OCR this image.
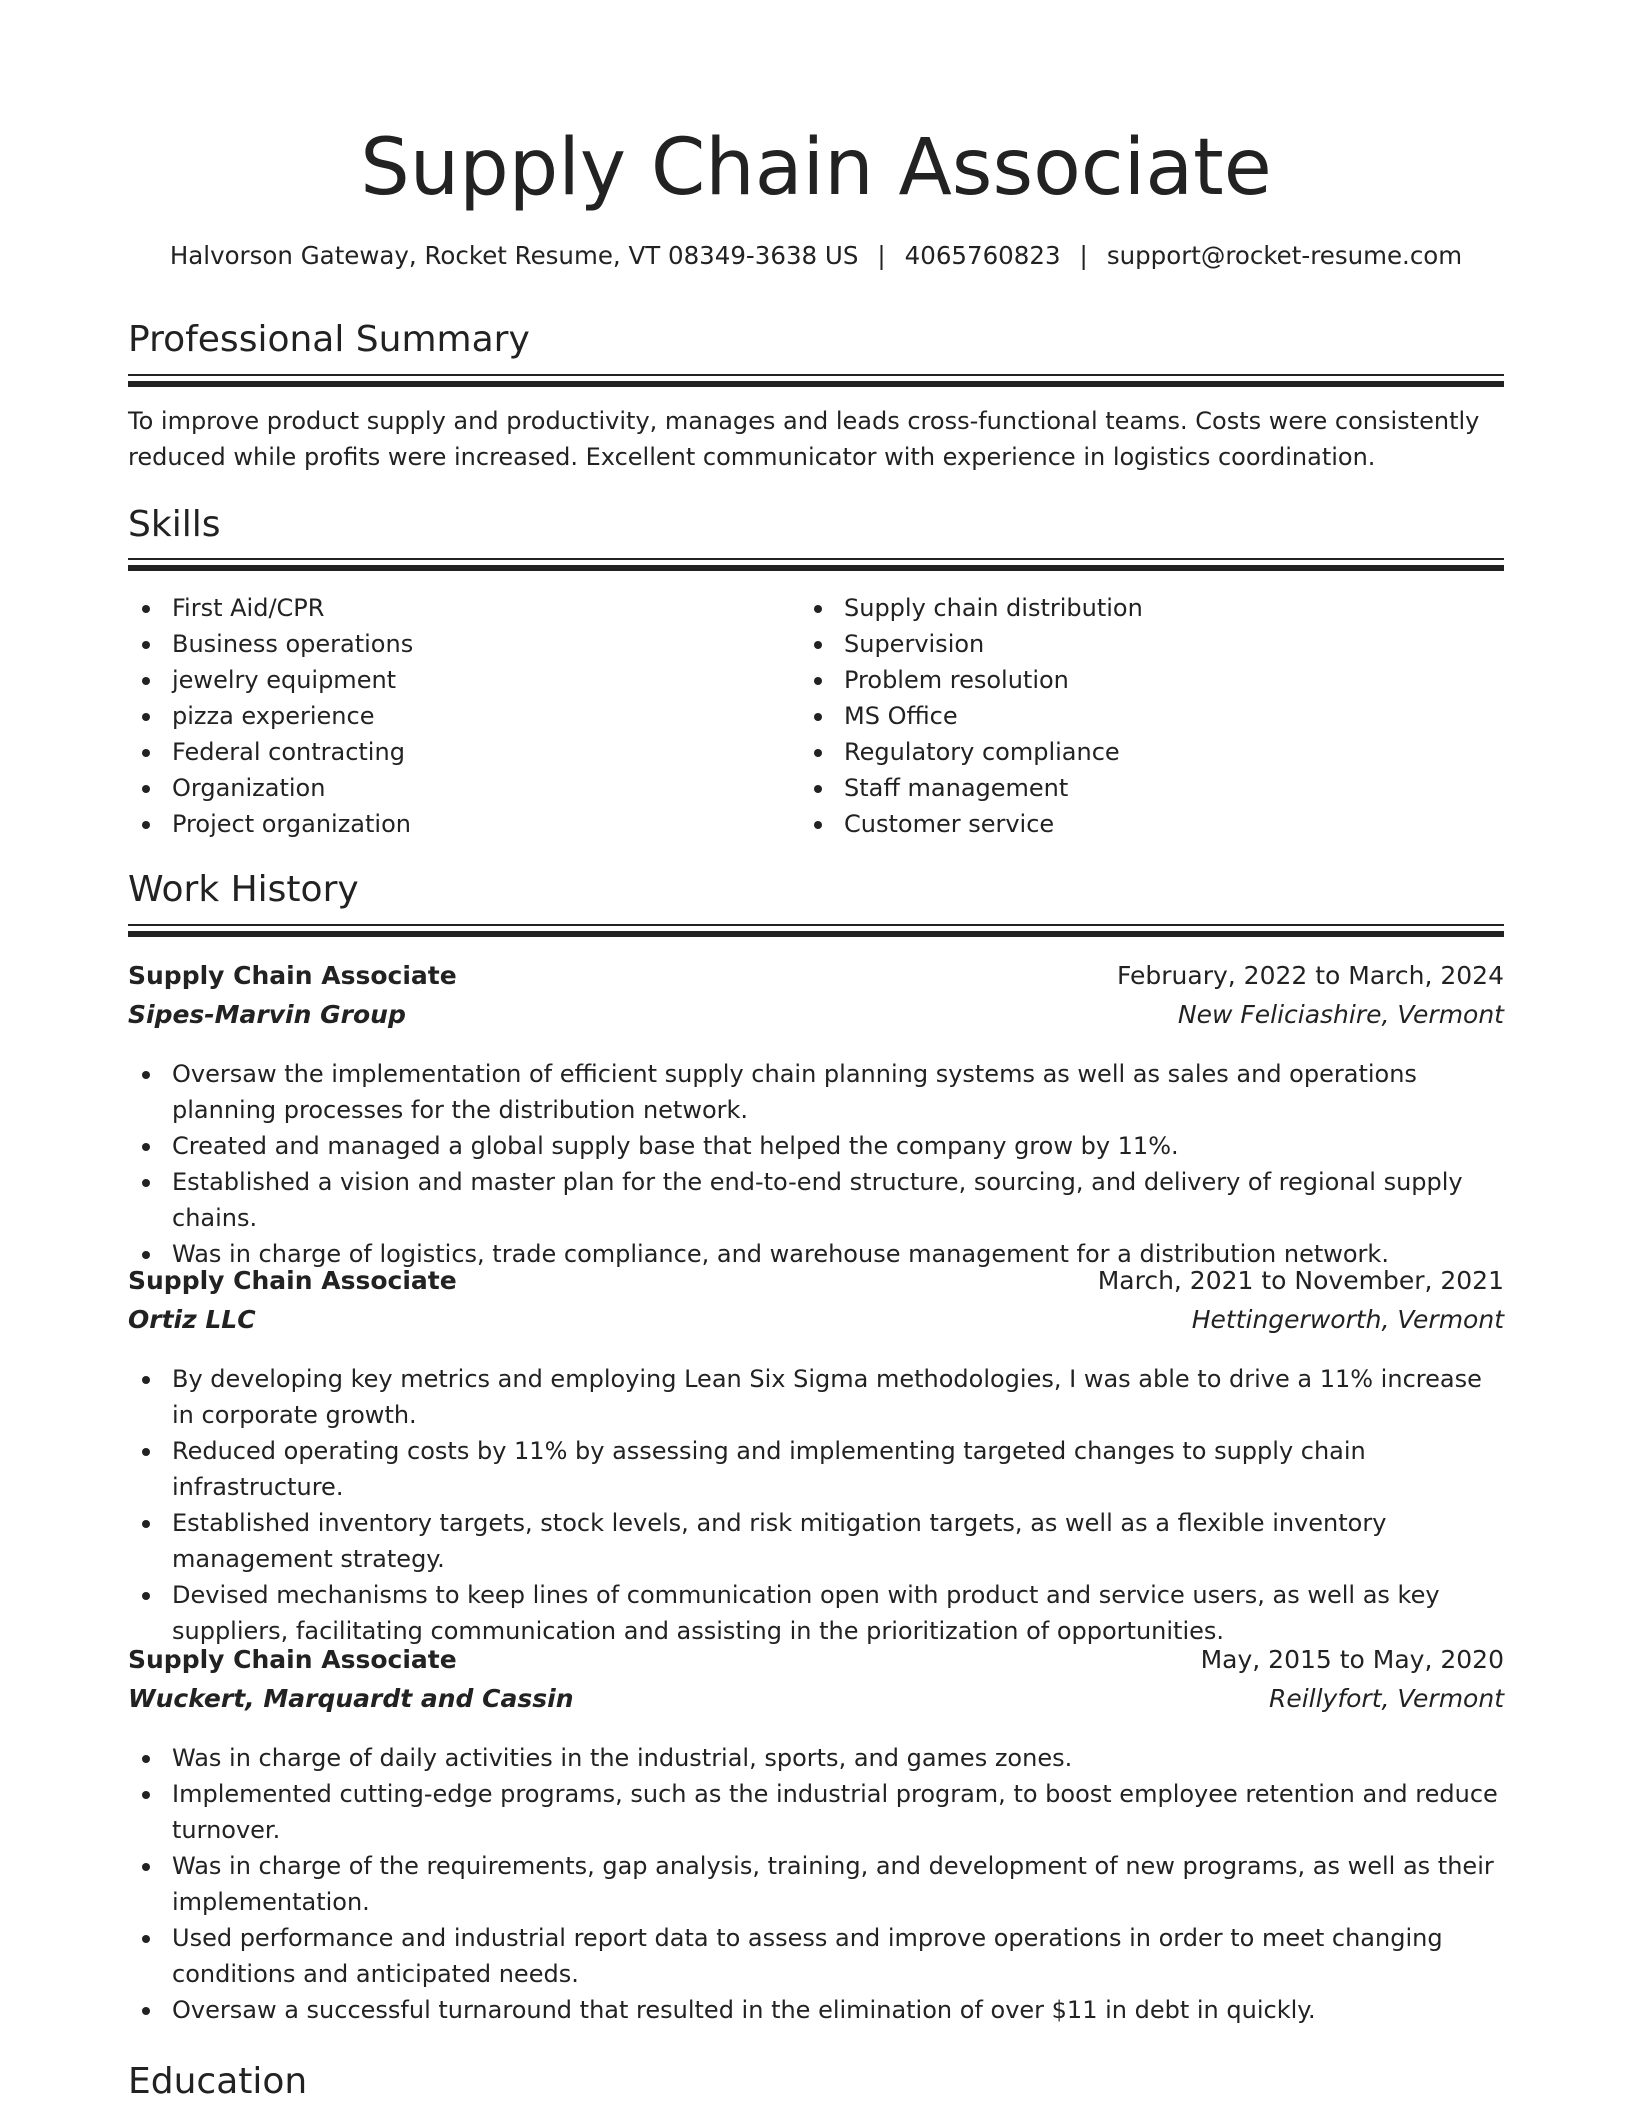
Supply Chain Associate
Halvorson Gateway, Rocket Resume, VT 08349-3638 US | 4065760823 | support@rocket-resume.com
Professional Summary

To improve product supply and productivity, manages and leads cross-functional teams. Costs were consistently reduced while profits were increased. Excellent communicator with experience in logistics coordination.

Skills
First Aid/CPR
Business operations
jewelry equipment
pizza experience
Federal contracting
Organization
Project organization
Supply chain distribution
Supervision
Problem resolution
MS Office
Regulatory compliance
Staff management
Customer service
Work History
Supply Chain Associate	February, 2022 to March, 2024
Sipes-Marvin Group	New Feliciashire, Vermont
Oversaw the implementation of efficient supply chain planning systems as well as sales and operations planning processes for the distribution network.
Created and managed a global supply base that helped the company grow by 11%.
Established a vision and master plan for the end-to-end structure, sourcing, and delivery of regional supply chains.
Was in charge of logistics, trade compliance, and warehouse management for a distribution network.
Supply Chain Associate	March, 2021 to November, 2021
Ortiz LLC	Hettingerworth, Vermont
By developing key metrics and employing Lean Six Sigma methodologies, I was able to drive a 11% increase in corporate growth.
Reduced operating costs by 11% by assessing and implementing targeted changes to supply chain infrastructure.
Established inventory targets, stock levels, and risk mitigation targets, as well as a flexible inventory management strategy.
Devised mechanisms to keep lines of communication open with product and service users, as well as key suppliers, facilitating communication and assisting in the prioritization of opportunities.
Supply Chain Associate	May, 2015 to May, 2020
Wuckert, Marquardt and Cassin	Reillyfort, Vermont
Was in charge of daily activities in the industrial, sports, and games zones.
Implemented cutting-edge programs, such as the industrial program, to boost employee retention and reduce turnover.
Was in charge of the requirements, gap analysis, training, and development of new programs, as well as their implementation.
Used performance and industrial report data to assess and improve operations in order to meet changing conditions and anticipated needs.
Oversaw a successful turnaround that resulted in the elimination of over $11 in debt in quickly.
Education
